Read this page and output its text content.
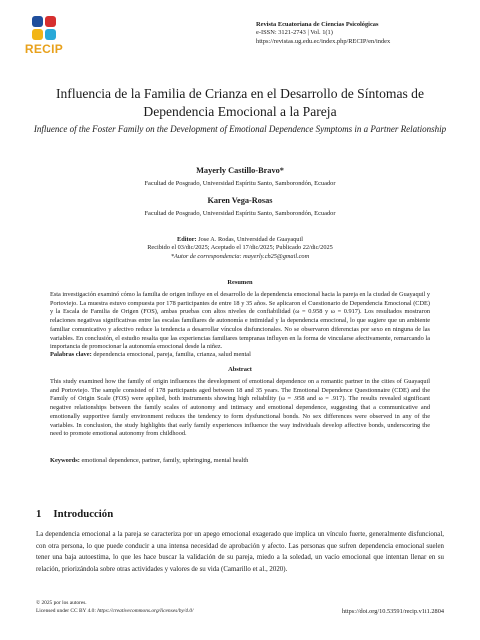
RECIP
Revista Ecuatoriana de Ciencias Psicológicas
e-ISSN: 3121-2743 | Vol. 1(1)
https://revistas.ug.edu.ec/index.php/RECIP/en/index
Influencia de la Familia de Crianza en el Desarrollo de Síntomas de Dependencia Emocional a la Pareja
Influence of the Foster Family on the Development of Emotional Dependence Symptoms in a Partner Relationship
Mayerly Castillo-Bravo*
Facultad de Posgrado, Universidad Espíritu Santo, Samborondón, Ecuador
Karen Vega-Rosas
Facultad de Posgrado, Universidad Espíritu Santo, Samborondón, Ecuador
Editor: Jose A. Rodas, Universidad de Guayaquil
Recibido el 03/dic/2025; Aceptado el 17/dic/2025; Publicado 22/dic/2025
*Autor de correspondencia: mayerly.cb25@gmail.com
Resumen
Esta investigación examinó cómo la familia de origen influye en el desarrollo de la dependencia emocional hacia la pareja en la ciudad de Guayaquil y Portoviejo. La muestra estuvo compuesta por 178 participantes de entre 18 y 35 años. Se aplicaron el Cuestionario de Dependencia Emocional (CDE) y la Escala de Familia de Origen (FOS), ambas pruebas con altos niveles de confiabilidad (ω = 0.958 y ω = 0.917). Los resultados mostraron relaciones negativas significativas entre las escalas familiares de autonomía e intimidad y la dependencia emocional, lo que sugiere que un ambiente familiar comunicativo y afectivo reduce la tendencia a desarrollar vínculos disfuncionales. No se observaron diferencias por sexo en ninguna de las variables. En conclusión, el estudio resalta que las experiencias familiares tempranas influyen en la forma de vincularse afectivamente, remarcando la importancia de promocionar la autonomía emocional desde la niñez.
Palabras clave: dependencia emocional, pareja, familia, crianza, salud mental
Abstract
This study examined how the family of origin influences the development of emotional dependence on a romantic partner in the cities of Guayaquil and Portoviejo. The sample consisted of 178 participants aged between 18 and 35 years. The Emotional Dependence Questionnaire (CDE) and the Family of Origin Scale (FOS) were applied, both instruments showing high reliability (ω = .958 and ω = .917). The results revealed significant negative relationships between the family scales of autonomy and intimacy and emotional dependence, suggesting that a communicative and emotionally supportive family environment reduces the tendency to form dysfunctional bonds. No sex differences were observed in any of the variables. In conclusion, the study highlights that early family experiences influence the way individuals develop affective bonds, underscoring the need to promote emotional autonomy from childhood.
Keywords: emotional dependence, partner, family, upbringing, mental health
1 Introducción
La dependencia emocional a la pareja se caracteriza por un apego emocional exagerado que implica un vínculo fuerte, generalmente disfuncional, con otra persona, lo que puede conducir a una intensa necesidad de aprobación y afecto. Las personas que sufren dependencia emocional suelen tener una baja autoestima, lo que les hace buscar la validación de su pareja, miedo a la soledad, un vacío emocional que intentan llenar en su relación, priorizándola sobre otras actividades y valores de su vida (Camarillo et al., 2020).
© 2025 por los autores.
Licensed under CC BY 4.0: https://creativecommons.org/licenses/by/4.0/	https://doi.org/10.53591/recip.v1i1.2804
